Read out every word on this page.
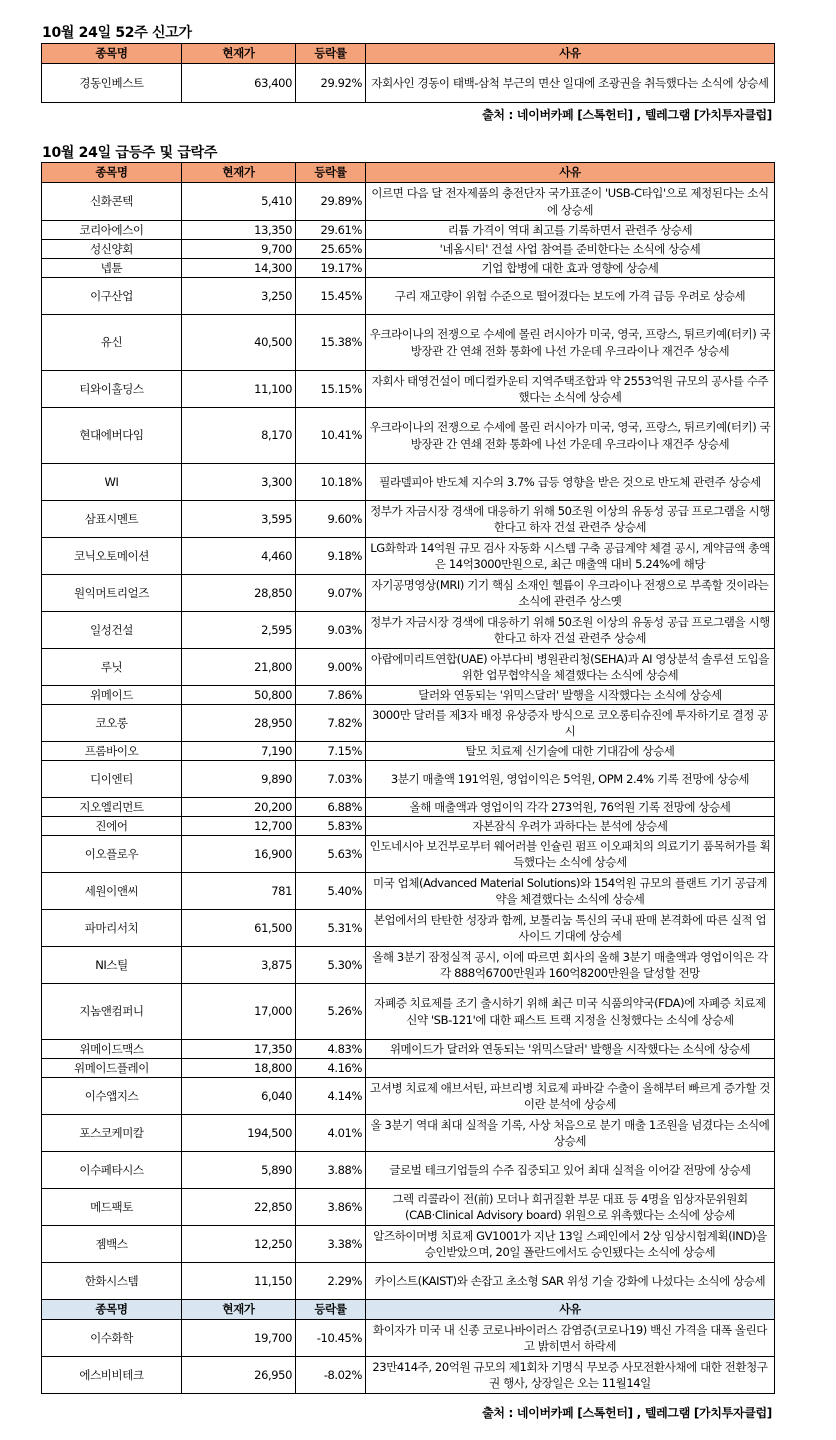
10월 24일 52주 신고가
종목명	현재가	등락률	사유
경동인베스트	63,400	29.92%	자회사인 경동이 태백-삼척 부근의 면산 일대에 조광권을 취득했다는 소식에 상승세
출처 : 네이버카페 [스톡헌터] , 텔레그램 [가치투자클럽]
10월 24일 급등주 및 급락주
종목명	현재가	등락률	사유
신화콘텍	5,410	29.89%	이르면 다음 달 전자제품의 충전단자 국가표준이 'USB-C타입'으로 제정된다는 소식에 상승세
코리아에스이	13,350	29.61%	리튬 가격이 역대 최고를 기록하면서 관련주 상승세
성신양회	9,700	25.65%	'네옴시티' 건설 사업 참여를 준비한다는 소식에 상승세
넵튠	14,300	19.17%	기업 합병에 대한 효과 영향에 상승세
이구산업	3,250	15.45%	구리 재고량이 위험 수준으로 떨어졌다는 보도에 가격 급등 우려로 상승세
유신	40,500	15.38%	우크라이나의 전쟁으로 수세에 몰린 러시아가 미국, 영국, 프랑스, 튀르키예(터키) 국방장관 간 연쇄 전화 통화에 나선 가운데 우크라이나 재건주 상승세
티와이홀딩스	11,100	15.15%	자회사 태영건설이 메디컬카운티 지역주택조합과 약 2553억원 규모의 공사를 수주했다는 소식에 상승세
현대에버다임	8,170	10.41%	우크라이나의 전쟁으로 수세에 몰린 러시아가 미국, 영국, 프랑스, 튀르키예(터키) 국방장관 간 연쇄 전화 통화에 나선 가운데 우크라이나 재건주 상승세
WI	3,300	10.18%	필라델피아 반도체 지수의 3.7% 급등 영향을 받은 것으로 반도체 관련주 상승세
삼표시멘트	3,595	9.60%	정부가 자금시장 경색에 대응하기 위해 50조원 이상의 유동성 공급 프로그램을 시행한다고 하자 건설 관련주 상승세
코닉오토메이션	4,460	9.18%	LG화학과 14억원 규모 검사 자동화 시스템 구축 공급계약 체결 공시, 계약금액 총액은 14억3000만원으로, 최근 매출액 대비 5.24%에 해당
원익머트리얼즈	28,850	9.07%	자기공명영상(MRI) 기기 핵심 소재인 헬륨이 우크라이나 전쟁으로 부족할 것이라는 소식에 관련주 상스옛
일성건설	2,595	9.03%	정부가 자금시장 경색에 대응하기 위해 50조원 이상의 유동성 공급 프로그램을 시행한다고 하자 건설 관련주 상승세
루닛	21,800	9.00%	아랍에미리트연합(UAE) 아부다비 병원관리청(SEHA)과 AI 영상분석 솔루션 도입을 위한 업무협약식을 체결했다는 소식에 상승세
위메이드	50,800	7.86%	달러와 연동되는 '위믹스달러' 발행을 시작했다는 소식에 상승세
코오롱	28,950	7.82%	3000만 달러를 제3자 배정 유상증자 방식으로 코오롱티슈진에 투자하기로 결정 공시
프롬바이오	7,190	7.15%	탈모 치료제 신기술에 대한 기대감에 상승세
디이엔티	9,890	7.03%	3분기 매출액 191억원, 영업이익은 5억원, OPM 2.4% 기록 전망에 상승세
지오엘리먼트	20,200	6.88%	올해 매출액과 영업이익 각각 273억원, 76억원 기록 전망에 상승세
진에어	12,700	5.83%	자본잠식 우려가 과하다는 분석에 상승세
이오플로우	16,900	5.63%	인도네시아 보건부로부터 웨어러블 인슐린 펌프 이오패치의 의료기기 품목허가를 획득했다는 소식에 상승세
세원이앤씨	781	5.40%	미국 업체(Advanced Material Solutions)와 154억원 규모의 플랜트 기기 공급계약을 체결했다는 소식에 상승세
파마리서치	61,500	5.31%	본업에서의 탄탄한 성장과 함께, 보툴리눔 톡신의 국내 판매 본격화에 따른 실적 업사이드 기대에 상승세
NI스틸	3,875	5.30%	올해 3분기 잠정실적 공시, 이에 따르면 회사의 올해 3분기 매출액과 영업이익은 각각 888억6700만원과 160억8200만원을 달성할 전망
지놈앤컴퍼니	17,000	5.26%	자폐증 치료제를 조기 출시하기 위해 최근 미국 식품의약국(FDA)에 자폐증 치료제 신약 'SB-121'에 대한 패스트 트랙 지정을 신청했다는 소식에 상승세
위메이드맥스	17,350	4.83%	위메이드가 달러와 연동되는 '위믹스달러' 발행을 시작했다는 소식에 상승세
위메이드플레이	18,800	4.16%	
이수앱지스	6,040	4.14%	고셔병 치료제 애브서틴, 파브리병 치료제 파바갈 수출이 올해부터 빠르게 증가할 것이란 분석에 상승세
포스코케미칼	194,500	4.01%	올 3분기 역대 최대 실적을 기록, 사상 처음으로 분기 매출 1조원을 넘겼다는 소식에 상승세
이수페타시스	5,890	3.88%	글로벌 테크기업들의 수주 집중되고 있어 최대 실적을 이어갈 전망에 상승세
메드팩토	22,850	3.86%	그렉 리콜라이 전(前) 모더나 희귀질환 부문 대표 등 4명을 임상자문위원회(CAB·Clinical Advisory board) 위원으로 위촉했다는 소식에 상승세
젬백스	12,250	3.38%	알즈하이머병 치료제 GV1001가 지난 13일 스페인에서 2상 임상시험계획(IND)을 승인받았으며, 20일 폴란드에서도 승인됐다는 소식에 상승세
한화시스템	11,150	2.29%	카이스트(KAIST)와 손잡고 초소형 SAR 위성 기술 강화에 나섰다는 소식에 상승세
종목명	현재가	등락률	사유
이수화학	19,700	-10.45%	화이자가 미국 내 신종 코로나바이러스 감염증(코로나19) 백신 가격을 대폭 올린다고 밝히면서 하락세
에스비비테크	26,950	-8.02%	23만414주, 20억원 규모의 제1회차 기명식 무보증 사모전환사채에 대한 전환청구권 행사, 상장일은 오는 11월14일
출처 : 네이버카페 [스톡헌터] , 텔레그램 [가치투자클럽]
